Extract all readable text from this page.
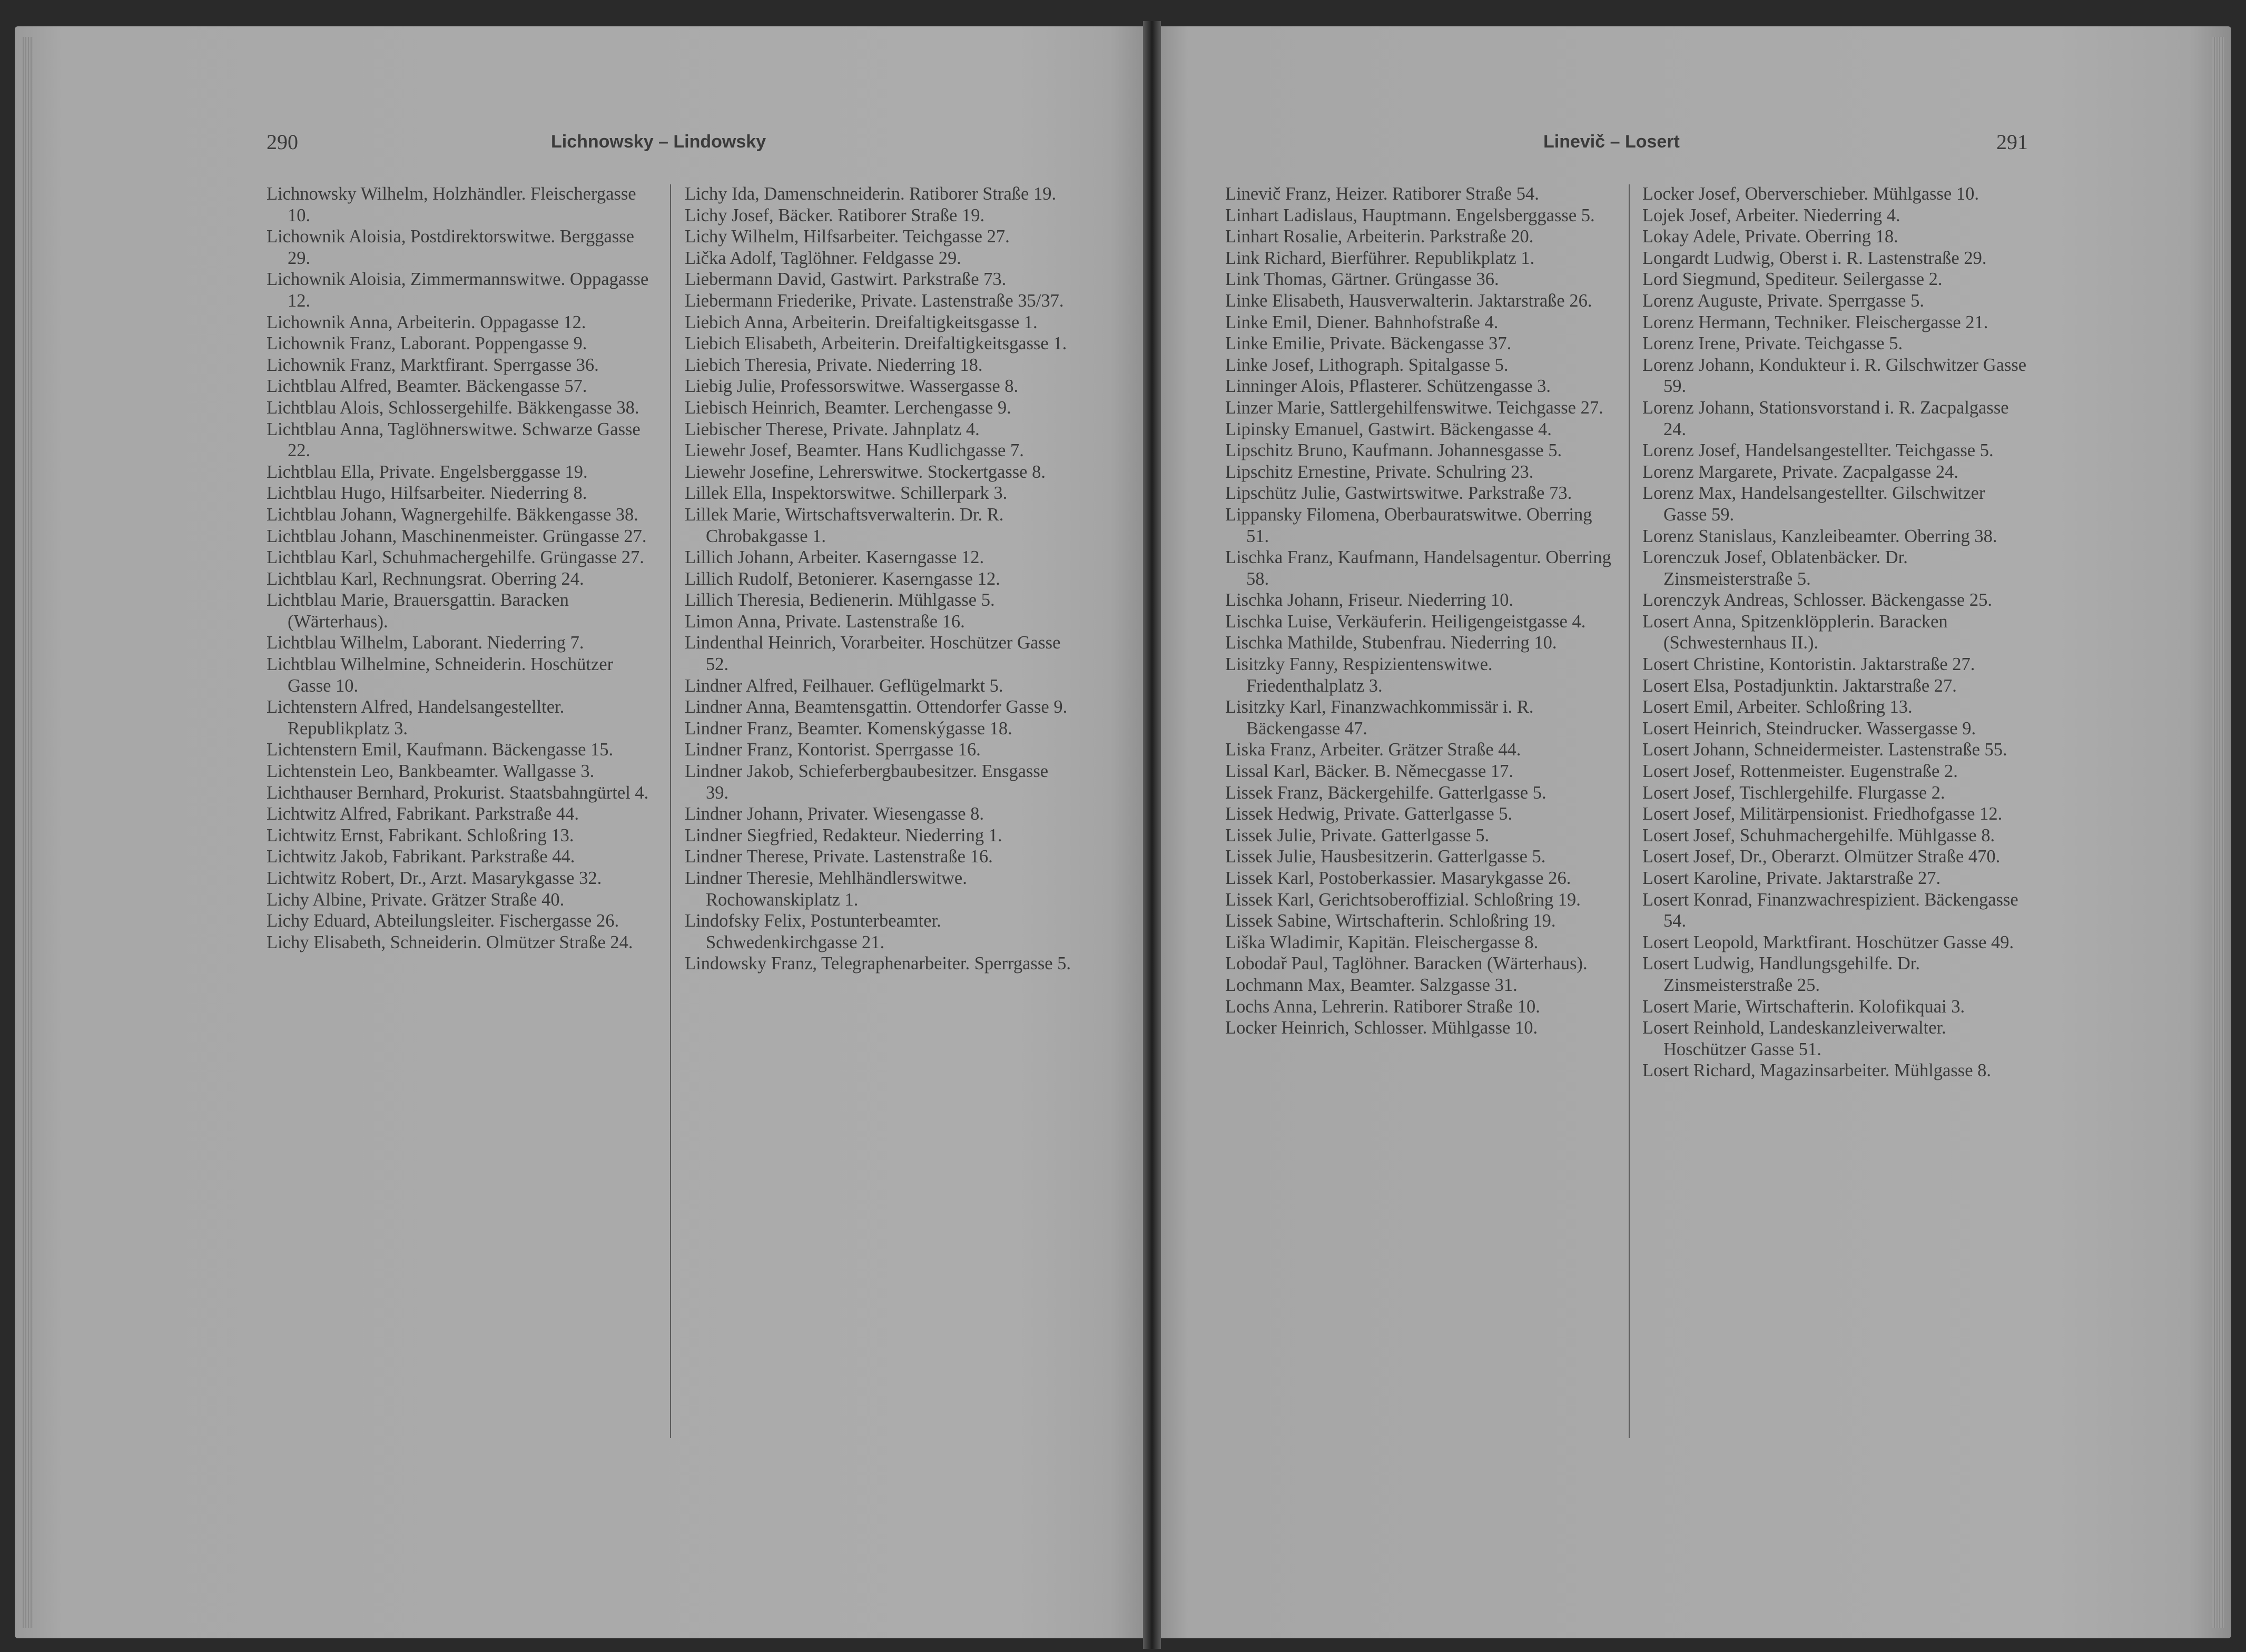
290	Lichnowsky – Lindowsky
Lichnowsky Wilhelm, Holzhändler. Fleischergasse 10.
Lichownik Aloisia, Postdirektorswitwe. Berggasse 29.
Lichownik Aloisia, Zimmermannswitwe. Oppagasse 12.
Lichownik Anna, Arbeiterin. Oppagasse 12.
Lichownik Franz, Laborant. Poppengasse 9.
Lichownik Franz, Marktfirant. Sperrgasse 36.
Lichtblau Alfred, Beamter. Bäckengasse 57.
Lichtblau Alois, Schlossergehilfe. Bäkkengasse 38.
Lichtblau Anna, Taglöhnerswitwe. Schwarze Gasse 22.
Lichtblau Ella, Private. Engelsberggasse 19.
Lichtblau Hugo, Hilfsarbeiter. Niederring 8.
Lichtblau Johann, Wagnergehilfe. Bäkkengasse 38.
Lichtblau Johann, Maschinenmeister. Grüngasse 27.
Lichtblau Karl, Schuhmachergehilfe. Grüngasse 27.
Lichtblau Karl, Rechnungsrat. Oberring 24.
Lichtblau Marie, Brauersgattin. Baracken (Wärterhaus).
Lichtblau Wilhelm, Laborant. Niederring 7.
Lichtblau Wilhelmine, Schneiderin. Hoschützer Gasse 10.
Lichtenstern Alfred, Handelsangestellter. Republikplatz 3.
Lichtenstern Emil, Kaufmann. Bäckengasse 15.
Lichtenstein Leo, Bankbeamter. Wallgasse 3.
Lichthauser Bernhard, Prokurist. Staatsbahngürtel 4.
Lichtwitz Alfred, Fabrikant. Parkstraße 44.
Lichtwitz Ernst, Fabrikant. Schloßring 13.
Lichtwitz Jakob, Fabrikant. Parkstraße 44.
Lichtwitz Robert, Dr., Arzt. Masarykgasse 32.
Lichy Albine, Private. Grätzer Straße 40.
Lichy Eduard, Abteilungsleiter. Fischergasse 26.
Lichy Elisabeth, Schneiderin. Olmützer Straße 24.
Lichy Ida, Damenschneiderin. Ratiborer Straße 19.
Lichy Josef, Bäcker. Ratiborer Straße 19.
Lichy Wilhelm, Hilfsarbeiter. Teichgasse 27.
Lička Adolf, Taglöhner. Feldgasse 29.
Liebermann David, Gastwirt. Parkstraße 73.
Liebermann Friederike, Private. Lastenstraße 35/37.
Liebich Anna, Arbeiterin. Dreifaltigkeitsgasse 1.
Liebich Elisabeth, Arbeiterin. Dreifaltigkeitsgasse 1.
Liebich Theresia, Private. Niederring 18.
Liebig Julie, Professorswitwe. Wassergasse 8.
Liebisch Heinrich, Beamter. Lerchengasse 9.
Liebischer Therese, Private. Jahnplatz 4.
Liewehr Josef, Beamter. Hans Kudlichgasse 7.
Liewehr Josefine, Lehrerswitwe. Stockertgasse 8.
Lillek Ella, Inspektorswitwe. Schillerpark 3.
Lillek Marie, Wirtschaftsverwalterin. Dr. R. Chrobakgasse 1.
Lillich Johann, Arbeiter. Kaserngasse 12.
Lillich Rudolf, Betonierer. Kaserngasse 12.
Lillich Theresia, Bedienerin. Mühlgasse 5.
Limon Anna, Private. Lastenstraße 16.
Lindenthal Heinrich, Vorarbeiter. Hoschützer Gasse 52.
Lindner Alfred, Feilhauer. Geflügelmarkt 5.
Lindner Anna, Beamtensgattin. Ottendorfer Gasse 9.
Lindner Franz, Beamter. Komenskýgasse 18.
Lindner Franz, Kontorist. Sperrgasse 16.
Lindner Jakob, Schieferbergbaubesitzer. Ensgasse 39.
Lindner Johann, Privater. Wiesengasse 8.
Lindner Siegfried, Redakteur. Niederring 1.
Lindner Therese, Private. Lastenstraße 16.
Lindner Theresie, Mehlhändlerswitwe. Rochowanskiplatz 1.
Lindofsky Felix, Postunterbeamter. Schwedenkirchgasse 21.
Lindowsky Franz, Telegraphenarbeiter. Sperrgasse 5.
Linevič – Losert	291
Linevič Franz, Heizer. Ratiborer Straße 54.
Linhart Ladislaus, Hauptmann. Engelsberggasse 5.
Linhart Rosalie, Arbeiterin. Parkstraße 20.
Link Richard, Bierführer. Republikplatz 1.
Link Thomas, Gärtner. Grüngasse 36.
Linke Elisabeth, Hausverwalterin. Jaktarstraße 26.
Linke Emil, Diener. Bahnhofstraße 4.
Linke Emilie, Private. Bäckengasse 37.
Linke Josef, Lithograph. Spitalgasse 5.
Linninger Alois, Pflasterer. Schützengasse 3.
Linzer Marie, Sattlergehilfenswitwe. Teichgasse 27.
Lipinsky Emanuel, Gastwirt. Bäckengasse 4.
Lipschitz Bruno, Kaufmann. Johannesgasse 5.
Lipschitz Ernestine, Private. Schulring 23.
Lipschütz Julie, Gastwirtswitwe. Parkstraße 73.
Lippansky Filomena, Oberbauratswitwe. Oberring 51.
Lischka Franz, Kaufmann, Handelsagentur. Oberring 58.
Lischka Johann, Friseur. Niederring 10.
Lischka Luise, Verkäuferin. Heiligengeistgasse 4.
Lischka Mathilde, Stubenfrau. Niederring 10.
Lisitzky Fanny, Respizientenswitwe. Friedenthalplatz 3.
Lisitzky Karl, Finanzwachkommissär i. R. Bäckengasse 47.
Liska Franz, Arbeiter. Grätzer Straße 44.
Lissal Karl, Bäcker. B. Němecgasse 17.
Lissek Franz, Bäckergehilfe. Gatterlgasse 5.
Lissek Hedwig, Private. Gatterlgasse 5.
Lissek Julie, Private. Gatterlgasse 5.
Lissek Julie, Hausbesitzerin. Gatterlgasse 5.
Lissek Karl, Postoberkassier. Masarykgasse 26.
Lissek Karl, Gerichtsoberoffizial. Schloßring 19.
Lissek Sabine, Wirtschafterin. Schloßring 19.
Liška Wladimir, Kapitän. Fleischergasse 8.
Lobodař Paul, Taglöhner. Baracken (Wärterhaus).
Lochmann Max, Beamter. Salzgasse 31.
Lochs Anna, Lehrerin. Ratiborer Straße 10.
Locker Heinrich, Schlosser. Mühlgasse 10.
Locker Josef, Oberverschieber. Mühlgasse 10.
Lojek Josef, Arbeiter. Niederring 4.
Lokay Adele, Private. Oberring 18.
Longardt Ludwig, Oberst i. R. Lastenstraße 29.
Lord Siegmund, Spediteur. Seilergasse 2.
Lorenz Auguste, Private. Sperrgasse 5.
Lorenz Hermann, Techniker. Fleischergasse 21.
Lorenz Irene, Private. Teichgasse 5.
Lorenz Johann, Kondukteur i. R. Gilschwitzer Gasse 59.
Lorenz Johann, Stationsvorstand i. R. Zacpalgasse 24.
Lorenz Josef, Handelsangestellter. Teichgasse 5.
Lorenz Margarete, Private. Zacpalgasse 24.
Lorenz Max, Handelsangestellter. Gilschwitzer Gasse 59.
Lorenz Stanislaus, Kanzleibeamter. Oberring 38.
Lorenczuk Josef, Oblatenbäcker. Dr. Zinsmeisterstraße 5.
Lorenczyk Andreas, Schlosser. Bäckengasse 25.
Losert Anna, Spitzenklöpplerin. Baracken (Schwesternhaus II.).
Losert Christine, Kontoristin. Jaktarstraße 27.
Losert Elsa, Postadjunktin. Jaktarstraße 27.
Losert Emil, Arbeiter. Schloßring 13.
Losert Heinrich, Steindrucker. Wassergasse 9.
Losert Johann, Schneidermeister. Lastenstraße 55.
Losert Josef, Rottenmeister. Eugenstraße 2.
Losert Josef, Tischlergehilfe. Flurgasse 2.
Losert Josef, Militärpensionist. Friedhofgasse 12.
Losert Josef, Schuhmachergehilfe. Mühlgasse 8.
Losert Josef, Dr., Oberarzt. Olmützer Straße 470.
Losert Karoline, Private. Jaktarstraße 27.
Losert Konrad, Finanzwachrespizient. Bäckengasse 54.
Losert Leopold, Marktfirant. Hoschützer Gasse 49.
Losert Ludwig, Handlungsgehilfe. Dr. Zinsmeisterstraße 25.
Losert Marie, Wirtschafterin. Kolofikquai 3.
Losert Reinhold, Landeskanzleiverwalter. Hoschützer Gasse 51.
Losert Richard, Magazinsarbeiter. Mühlgasse 8.
